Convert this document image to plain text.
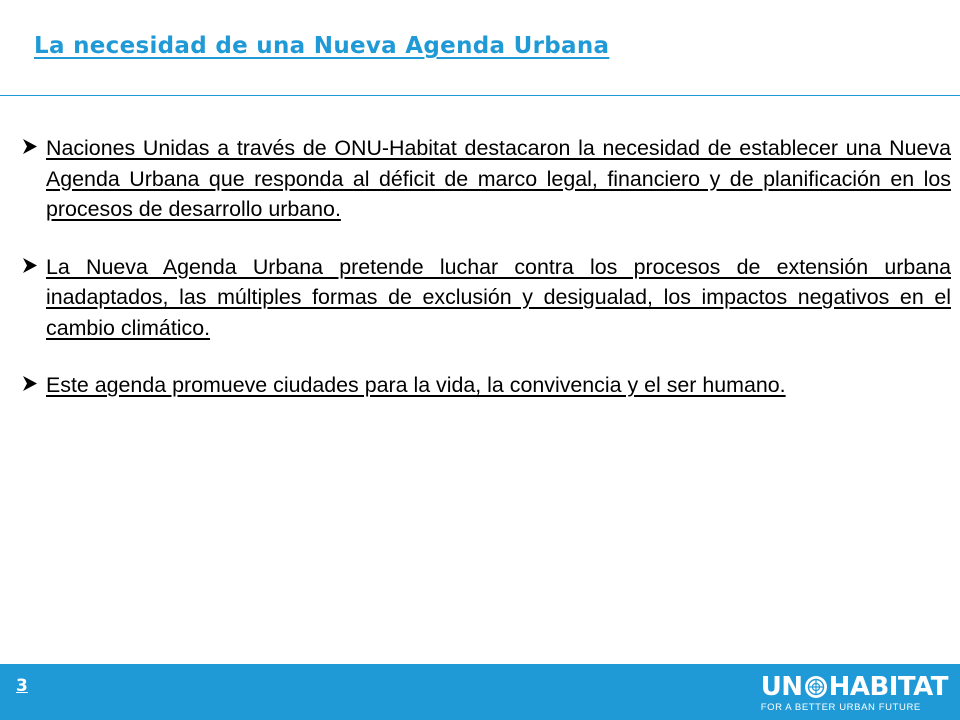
La necesidad de una Nueva Agenda Urbana
Naciones Unidas a través de ONU-Habitat destacaron la necesidad de establecer una Nueva Agenda Urbana que responda al déficit de marco legal, financiero y de planificación en los procesos de desarrollo urbano.
La Nueva Agenda Urbana pretende luchar contra los procesos de extensión urbana inadaptados, las múltiples formas de exclusión y desigualad, los impactos negativos en el cambio climático.
Este agenda promueve ciudades para la vida, la convivencia y el ser humano.
3	UN HABITAT
FOR A BETTER URBAN FUTURE
